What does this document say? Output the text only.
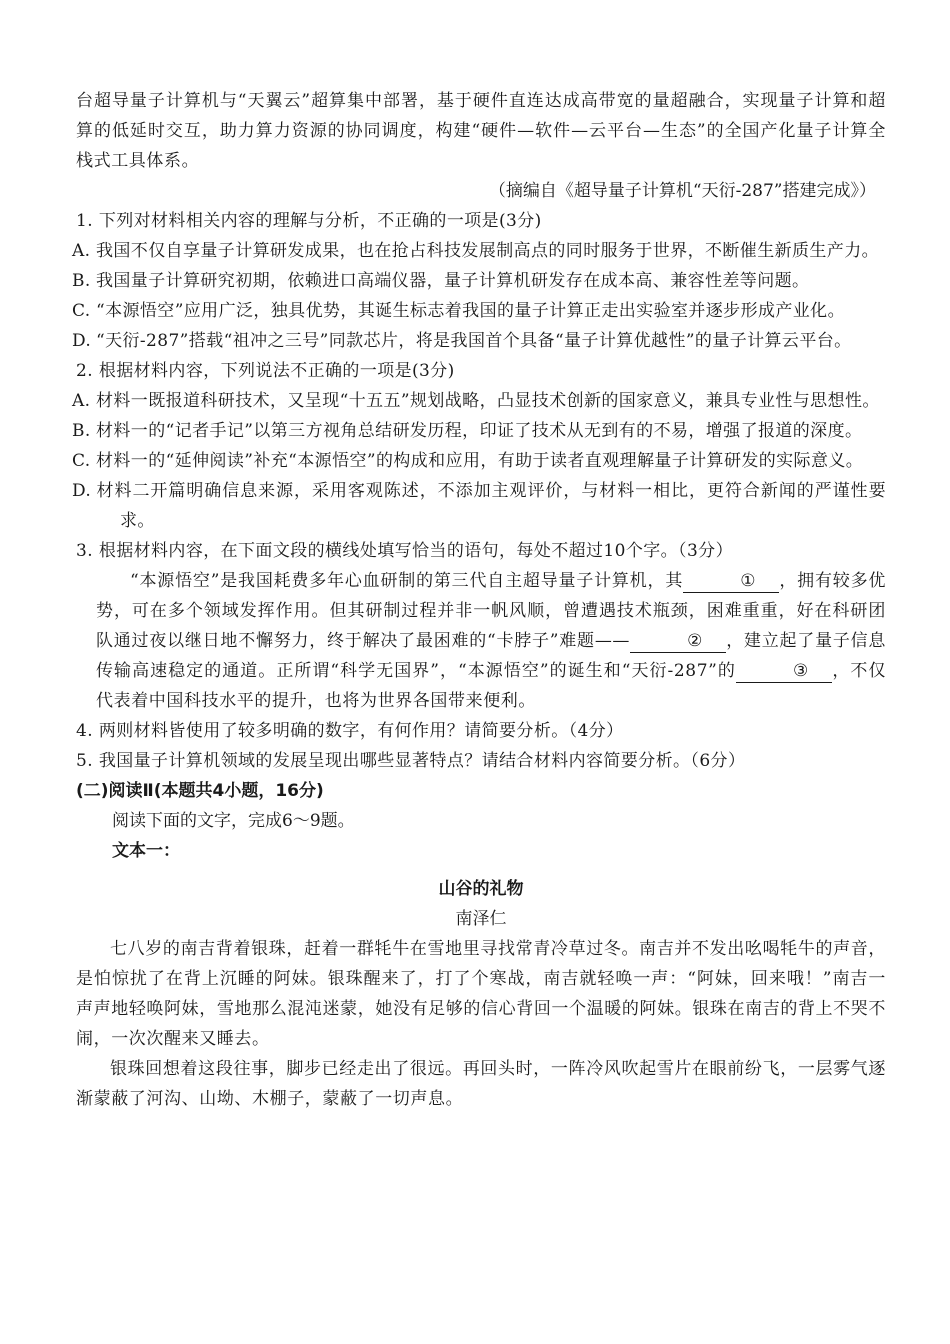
台超导量子计算机与“天翼云”超算集中部署，基于硬件直连达成高带宽的量超融合，实现量子计算和超算的低延时交互，助力算力资源的协同调度，构建“硬件—软件—云平台—生态”的全国产化量子计算全栈式工具体系。

（摘编自《超导量子计算机“天衍-287”搭建完成》）

1. 下列对材料相关内容的理解与分析，不正确的一项是(3分)

A. 我国不仅自享量子计算研发成果，也在抢占科技发展制高点的同时服务于世界，不断催生新质生产力。

B. 我国量子计算研究初期，依赖进口高端仪器，量子计算机研发存在成本高、兼容性差等问题。

C. “本源悟空”应用广泛，独具优势，其诞生标志着我国的量子计算正走出实验室并逐步形成产业化。

D. “天衍-287”搭载“祖冲之三号”同款芯片，将是我国首个具备“量子计算优越性”的量子计算云平台。

2. 根据材料内容，下列说法不正确的一项是(3分)

A. 材料一既报道科研技术，又呈现“十五五”规划战略，凸显技术创新的国家意义，兼具专业性与思想性。

B. 材料一的“记者手记”以第三方视角总结研发历程，印证了技术从无到有的不易，增强了报道的深度。

C. 材料一的“延伸阅读”补充“本源悟空”的构成和应用，有助于读者直观理解量子计算研发的实际意义。

D. 材料二开篇明确信息来源，采用客观陈述，不添加主观评价，与材料一相比，更符合新闻的严谨性要求。

3. 根据材料内容，在下面文段的横线处填写恰当的语句，每处不超过10个字。（3分）

“本源悟空”是我国耗费多年心血研制的第三代自主超导量子计算机，其	① ，拥有较多优势，可在多个领域发挥作用。但其研制过程并非一帆风顺，曾遭遇技术瓶颈，困难重重，好在科研团队通过夜以继日地不懈努力，终于解决了最困难的“卡脖子”难题——	② ，建立起了量子信息传输高速稳定的通道。正所谓“科学无国界”，“本源悟空”的诞生和“天衍-287”的	③ ，不仅代表着中国科技水平的提升，也将为世界各国带来便利。

4. 两则材料皆使用了较多明确的数字，有何作用？请简要分析。（4分）

5. 我国量子计算机领域的发展呈现出哪些显著特点？请结合材料内容简要分析。（6分）

(二)阅读Ⅱ(本题共4小题，16分)

阅读下面的文字，完成6～9题。

文本一：

山谷的礼物

南泽仁

七八岁的南吉背着银珠，赶着一群牦牛在雪地里寻找常青冷草过冬。南吉并不发出吆喝牦牛的声音，是怕惊扰了在背上沉睡的阿妹。银珠醒来了，打了个寒战，南吉就轻唤一声：“阿妹，回来哦！”南吉一声声地轻唤阿妹，雪地那么混沌迷蒙，她没有足够的信心背回一个温暖的阿妹。银珠在南吉的背上不哭不闹，一次次醒来又睡去。

银珠回想着这段往事，脚步已经走出了很远。再回头时，一阵冷风吹起雪片在眼前纷飞，一层雾气逐渐蒙蔽了河沟、山坳、木棚子，蒙蔽了一切声息。
